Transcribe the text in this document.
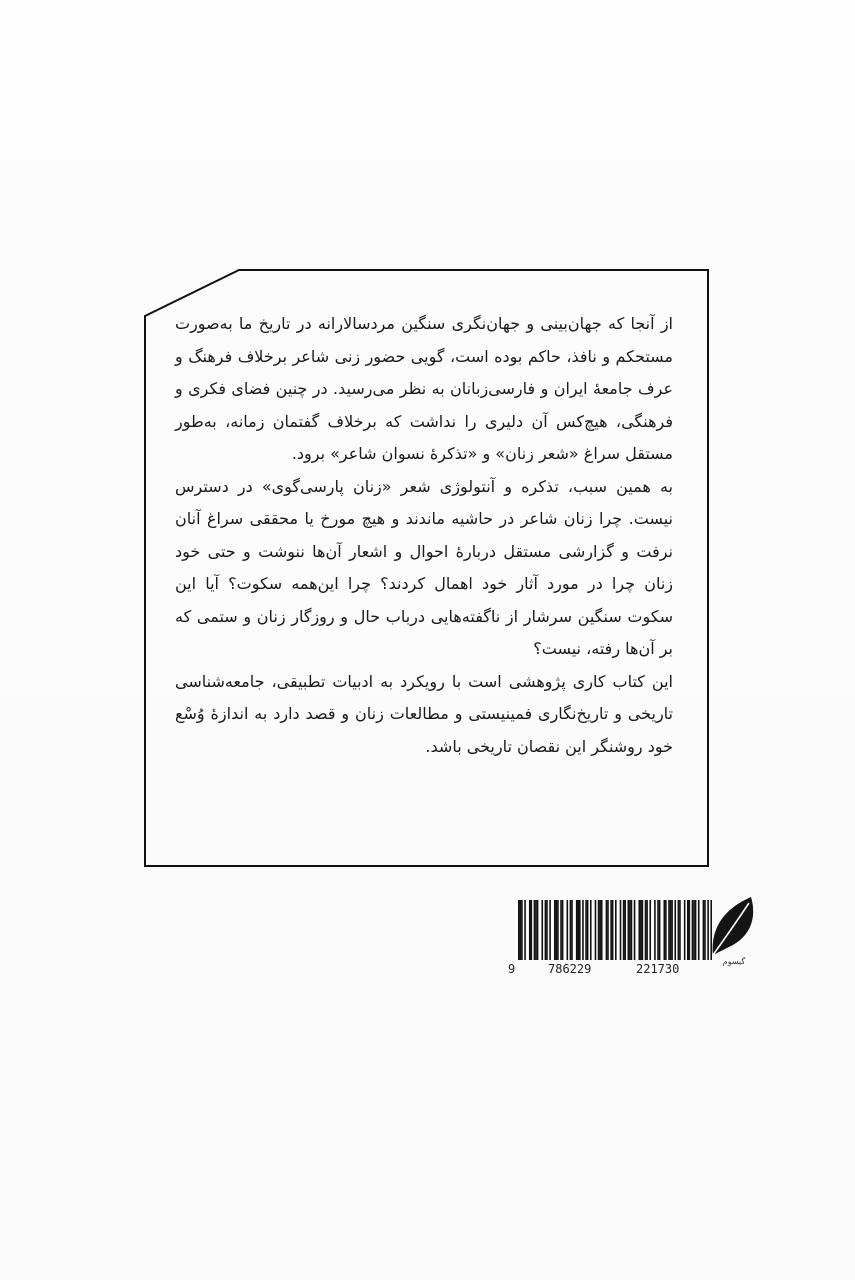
از آنجا که جهان‌بینی و جهان‌نگری سنگین مردسالارانه در تاریخ ما به‌صورت مستحکم و نافذ، حاکم بوده است، گویی حضور زنی شاعر برخلاف فرهنگ و عرف جامعهٔ ایران و فارسی‌زبانان به نظر می‌رسید. در چنین فضای فکری و فرهنگی، هیچ‌کس آن دلیری را نداشت که برخلاف گفتمان زمانه، به‌طور مستقل سراغ «شعر زنان» و «تذکرهٔ نسوان شاعر» برود.

به همین سبب، تذکره و آنتولوژی شعر «زنان پارسی‌گوی» در دسترس نیست. چرا زنان شاعر در حاشیه ماندند و هیچ مورخ یا محققی سراغ آنان نرفت و گزارشی مستقل دربارهٔ احوال و اشعار آن‌ها ننوشت و حتی خود زنان چرا در مورد آثار خود اهمال کردند؟ چرا این‌همه سکوت؟ آیا این سکوت سنگین سرشار از ناگفته‌هایی درباب حال و روزگار زنان و ستمی که بر آن‌ها رفته، نیست؟

این کتاب کاری پژوهشی است با رویکرد به ادبیات تطبیقی، جامعه‌شناسی تاریخی و تاریخ‌نگاری فمینیستی و مطالعات زنان و قصد دارد به اندازهٔ وُسْع خود روشنگر این نقصان تاریخی باشد.

9	786229	221730
گیسوم
